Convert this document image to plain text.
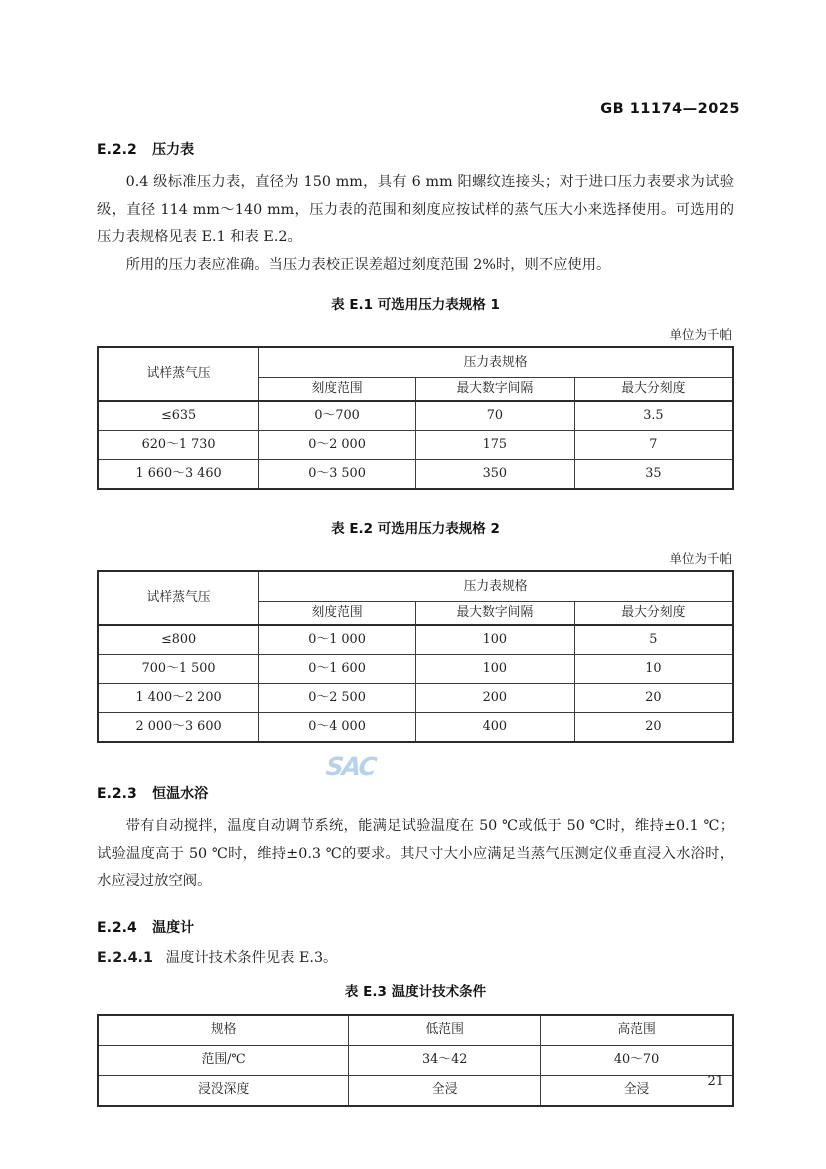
GB 11174—2025
SAC
E.2.2 压力表

0.4 级标准压力表，直径为 150 mm，具有 6 mm 阳螺纹连接头；对于进口压力表要求为试验级，直径 114 mm～140 mm，压力表的范围和刻度应按试样的蒸气压大小来选择使用。可选用的压力表规格见表 E.1 和表 E.2。

所用的压力表应准确。当压力表校正误差超过刻度范围 2%时，则不应使用。

表 E.1 可选用压力表规格 1

单位为千帕

试样蒸气压	压力表规格		
	刻度范围	最大数字间隔	最大分刻度
≤635	0～700	70	3.5
620～1 730	0～2 000	175	7
1 660～3 460	0～3 500	350	35

表 E.2 可选用压力表规格 2

单位为千帕

试样蒸气压	压力表规格		
	刻度范围	最大数字间隔	最大分刻度
≤800	0～1 000	100	5
700～1 500	0～1 600	100	10
1 400～2 200	0～2 500	200	20
2 000～3 600	0～4 000	400	20
E.2.3 恒温水浴

带有自动搅拌，温度自动调节系统，能满足试验温度在 50 ℃或低于 50 ℃时，维持±0.1 ℃；试验温度高于 50 ℃时，维持±0.3 ℃的要求。其尺寸大小应满足当蒸气压测定仪垂直浸入水浴时，水应浸过放空阀。

E.2.4 温度计

E.2.4.1 温度计技术条件见表 E.3。

表 E.3 温度计技术条件

规格	低范围	高范围
范围/℃	34～42	40～70
浸没深度	全浸	全浸
21
